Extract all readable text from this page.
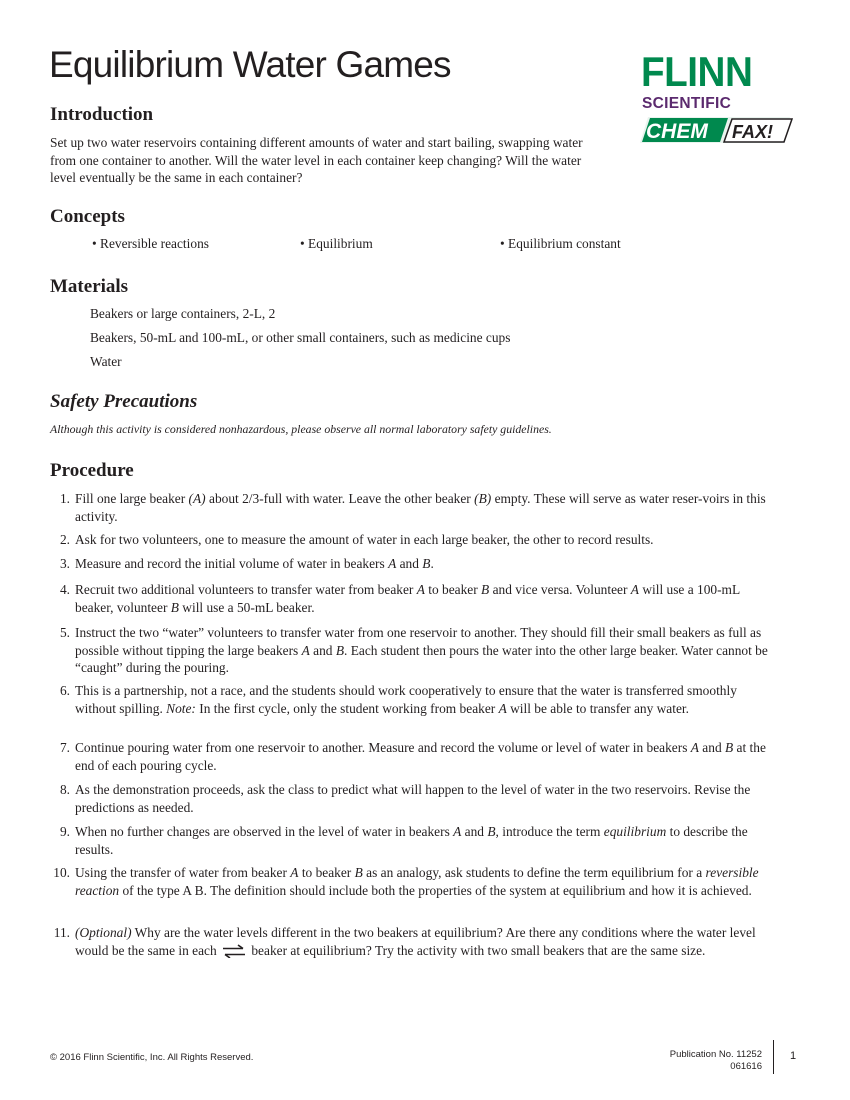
Equilibrium Water Games	FLINN
SCIENTIFIC
CHEM FAX!
Introduction

Set up two water reservoirs containing different amounts of water and start bailing, swapping water from one container to another. Will the water level in each container keep changing? Will the water level eventually be the same in each container?

Concepts
• Reversible reactions	• Equilibrium	• Equilibrium constant
Materials
Beakers or large containers, 2-L, 2
Beakers, 50-mL and 100-mL, or other small containers, such as medicine cups
Water
Safety Precautions
Although this activity is considered nonhazardous, please observe all normal laboratory safety guidelines.
Procedure
1. Fill one large beaker (A) about 2/3-full with water. Leave the other beaker (B) empty. These will serve as water reser-voirs in this activity.
2. Ask for two volunteers, one to measure the amount of water in each large beaker, the other to record results.
3. Measure and record the initial volume of water in beakers A and B.
4. Recruit two additional volunteers to transfer water from beaker A to beaker B and vice versa. Volunteer A will use a 100-mL beaker, volunteer B will use a 50-mL beaker.
5. Instruct the two “water” volunteers to transfer water from one reservoir to another. They should fill their small beakers as full as possible without tipping the large beakers A and B. Each student then pours the water into the other large beaker. Water cannot be “caught” during the pouring.
6. This is a partnership, not a race, and the students should work cooperatively to ensure that the water is transferred smoothly without spilling. Note: In the first cycle, only the student working from beaker A will be able to transfer any water.
7. Continue pouring water from one reservoir to another. Measure and record the volume or level of water in beakers A and B at the end of each pouring cycle.
8. As the demonstration proceeds, ask the class to predict what will happen to the level of water in the two reservoirs. Revise the predictions as needed.
9. When no further changes are observed in the level of water in beakers A and B, introduce the term equilibrium to describe the results.
10. Using the transfer of water from beaker A to beaker B as an analogy, ask students to define the term equilibrium for a reversible reaction of the type A B. The definition should include both the properties of the system at equilibrium and how it is achieved.
11. (Optional) Why are the water levels different in the two beakers at equilibrium? Are there any conditions where the water level would be the same in each ⇌ beaker at equilibrium? Try the activity with two small beakers that are the same size.
© 2016 Flinn Scientific, Inc. All Rights Reserved.	Publication No. 11252
061616
1
